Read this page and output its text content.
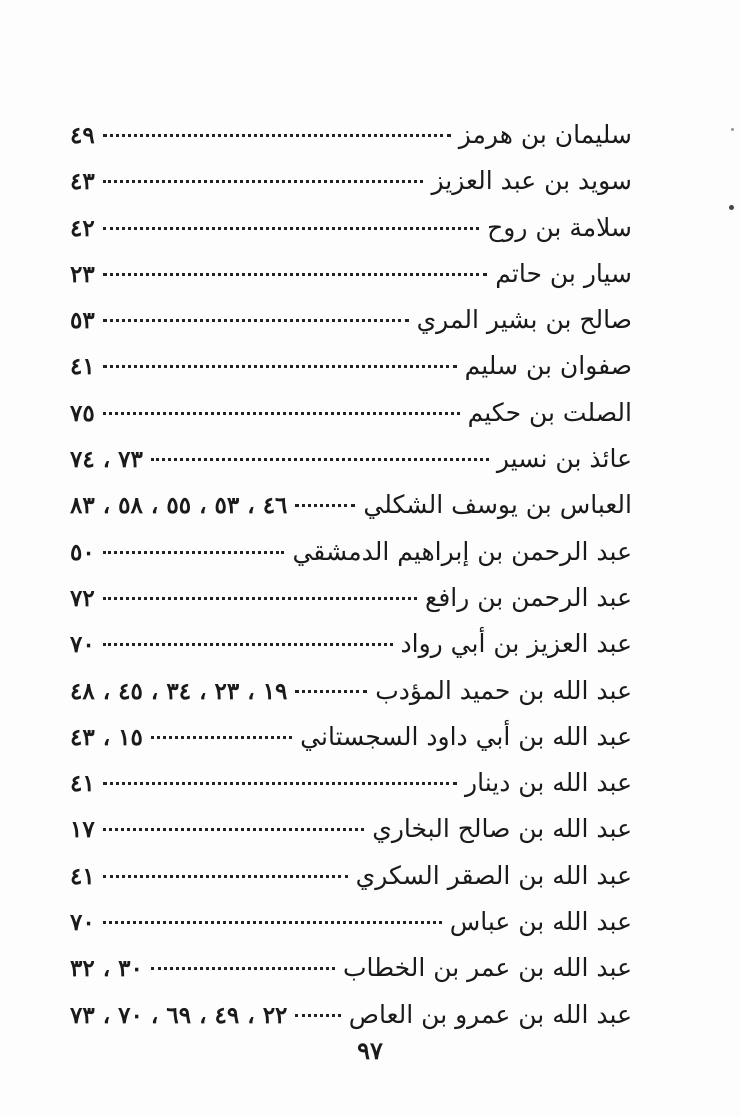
سليمان بن هرمز
٤٩
سويد بن عبد العزيز
٤٣
سلامة بن روح
٤٢
سيار بن حاتم
٢٣
صالح بن بشير المري
٥٣
صفوان بن سليم
٤١
الصلت بن حكيم
٧٥
عائذ بن نسير
٧٣ ، ٧٤
العباس بن يوسف الشكلي
٤٦ ، ٥٣ ، ٥٥ ، ٥٨ ، ٨٣
عبد الرحمن بن إبراهيم الدمشقي
٥٠
عبد الرحمن بن رافع
٧٢
عبد العزيز بن أبي رواد
٧٠
عبد الله بن حميد المؤدب
١٩ ، ٢٣ ، ٣٤ ، ٤٥ ، ٤٨
عبد الله بن أبي داود السجستاني
١٥ ، ٤٣
عبد الله بن دينار
٤١
عبد الله بن صالح البخاري
١٧
عبد الله بن الصقر السكري
٤١
عبد الله بن عباس
٧٠
عبد الله بن عمر بن الخطاب
٣٠ ، ٣٢
عبد الله بن عمرو بن العاص
٢٢ ، ٤٩ ، ٦٩ ، ٧٠ ، ٧٣
٩٧
